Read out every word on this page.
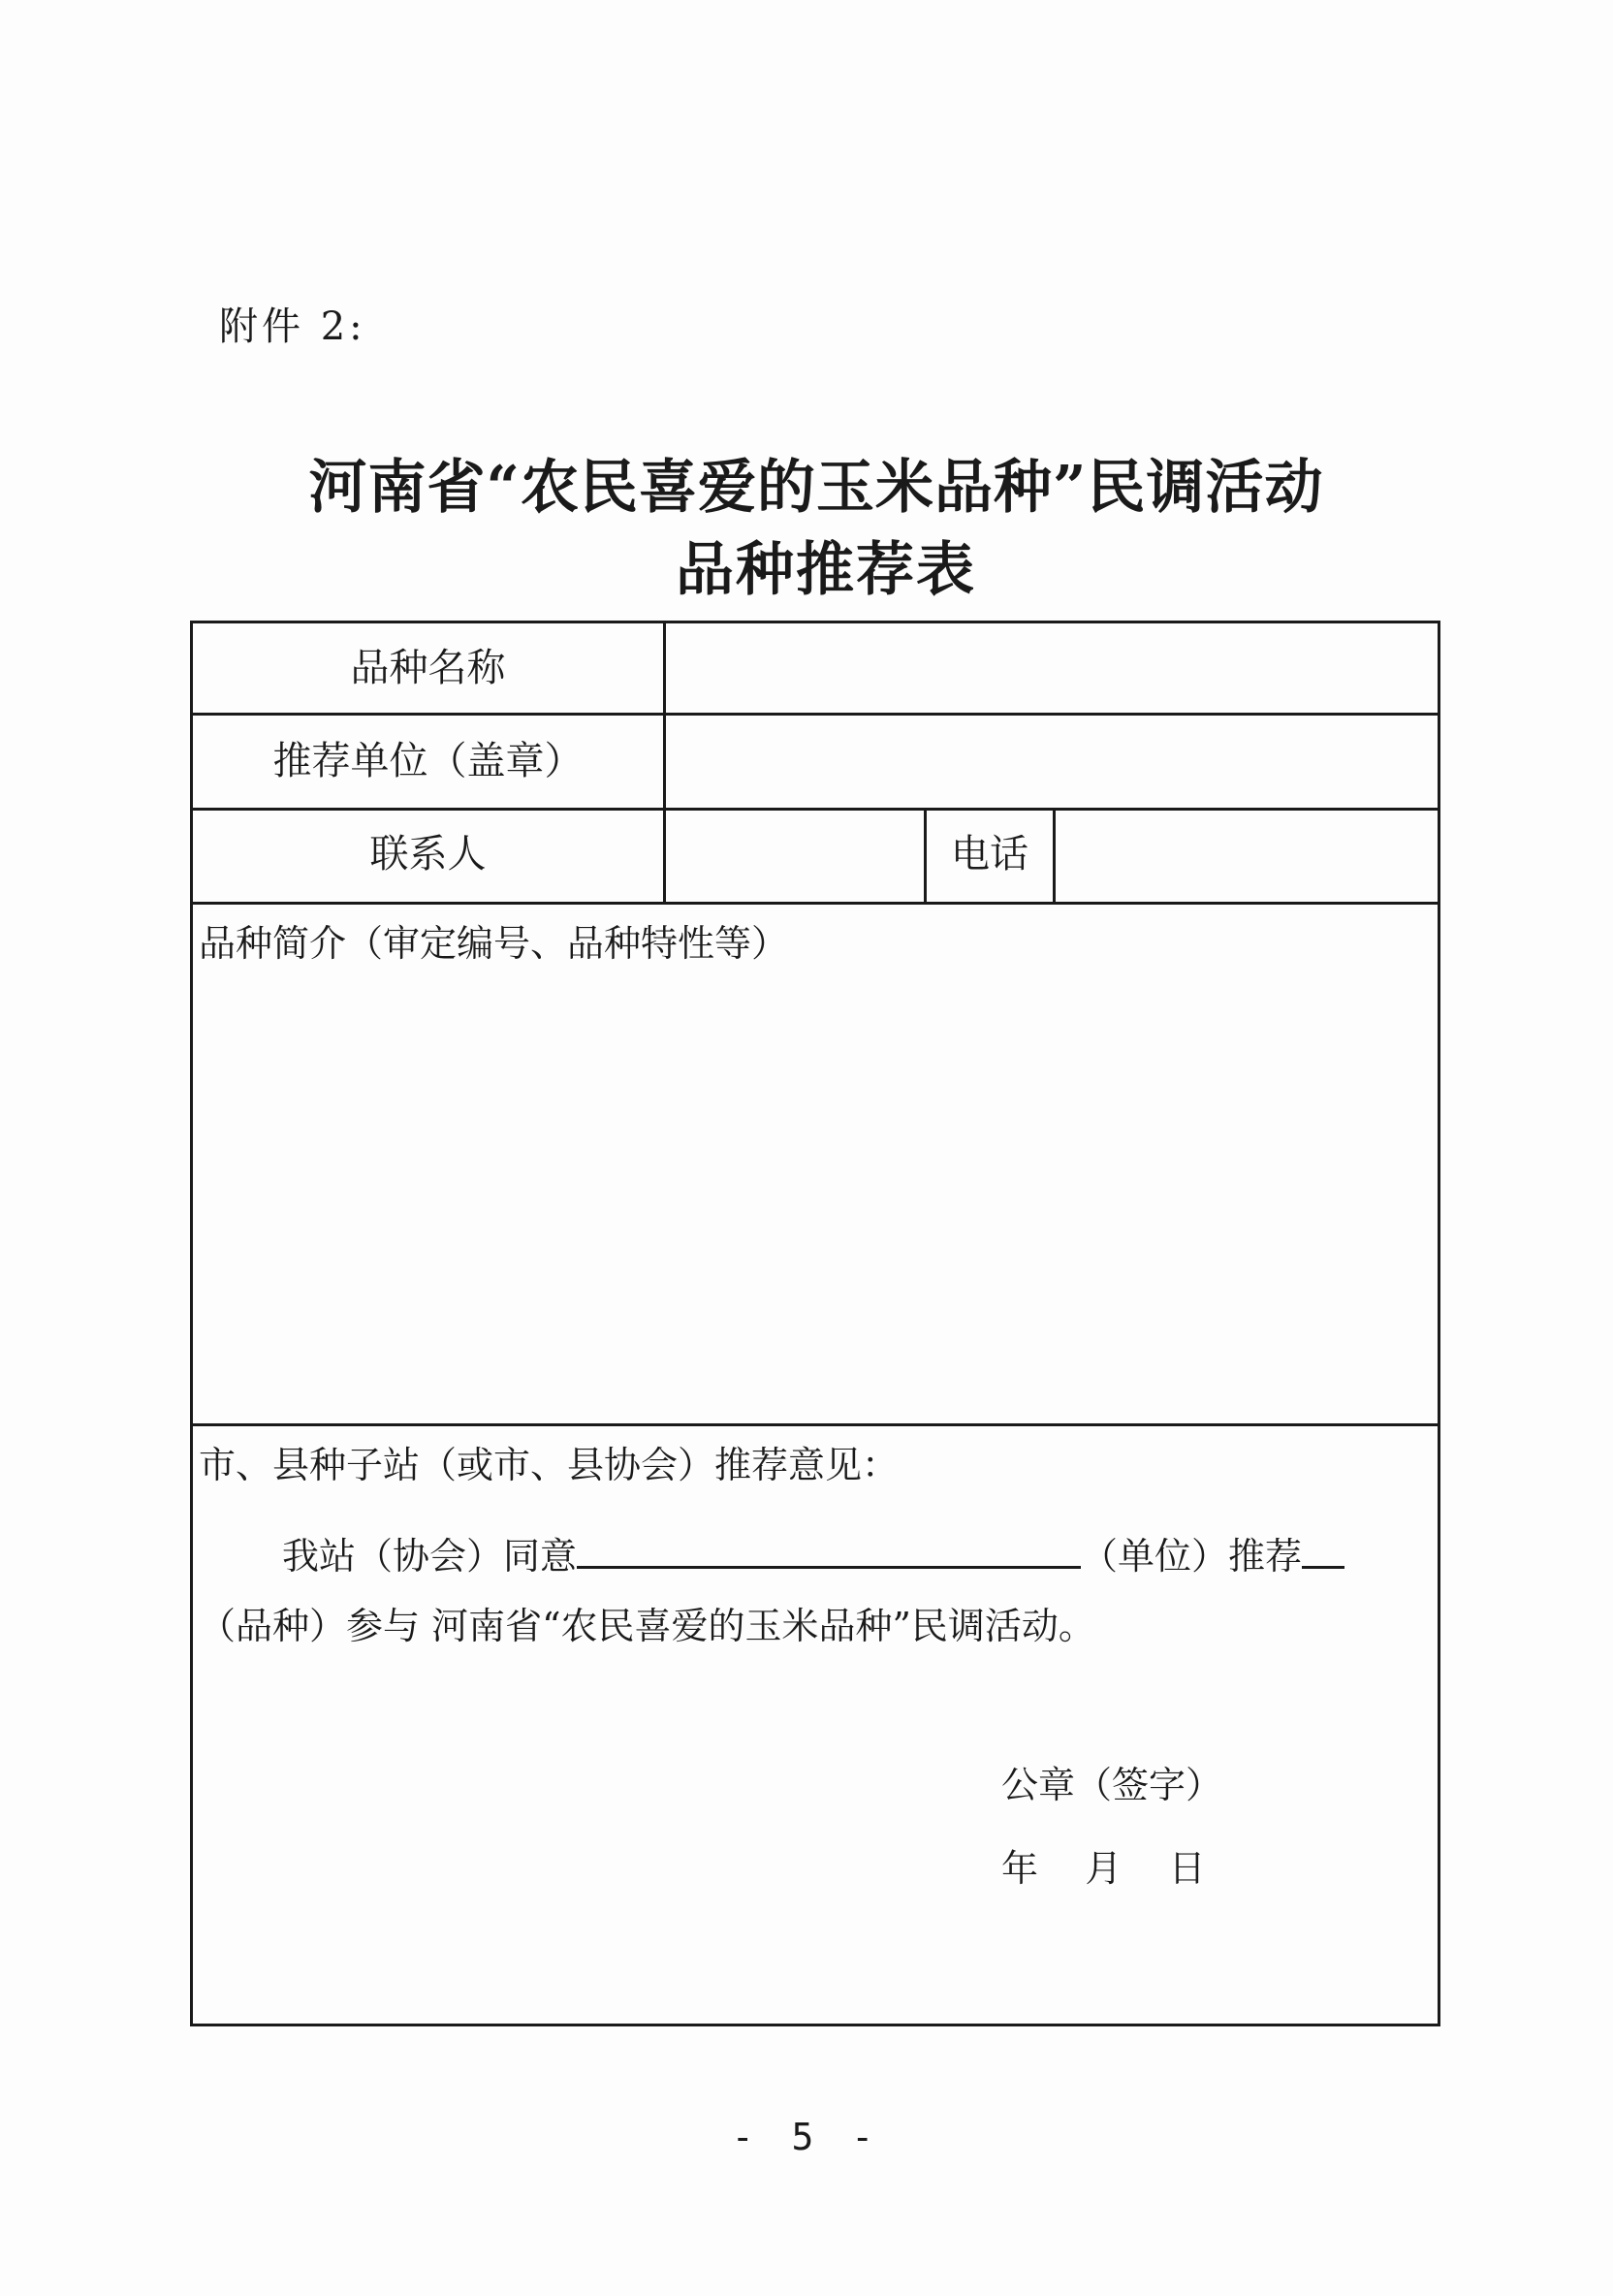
附件 2:
河南省“农民喜爱的玉米品种”民调活动
品种推荐表
品种名称
推荐单位（盖章）
联系人	电话
品种简介（审定编号、品种特性等）
市、县种子站（或市、县协会）推荐意见：
我站（协会）同意	（单位）推荐
（品种）参与 河南省“农民喜爱的玉米品种”民调活动。
公章（签字）
年    月    日
- 5 -
